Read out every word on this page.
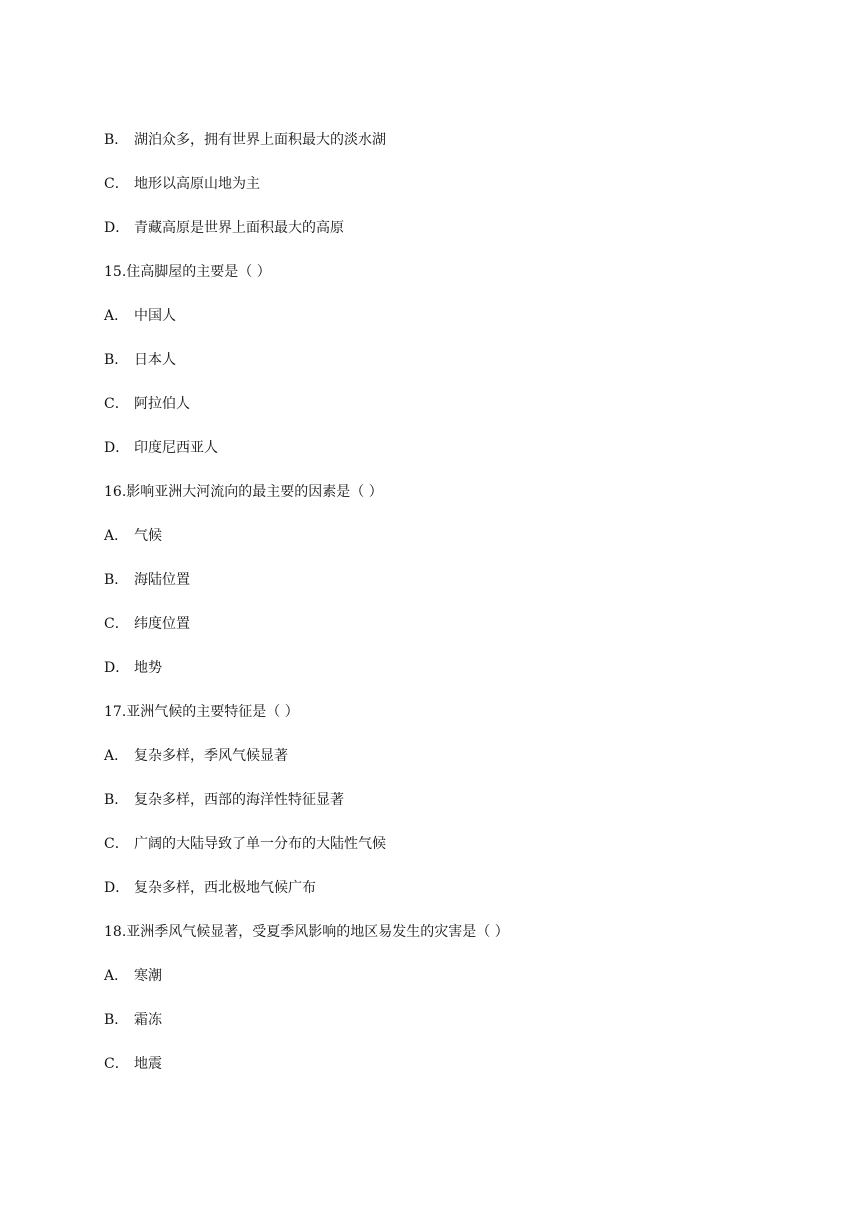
B． 湖泊众多，拥有世界上面积最大的淡水湖
C． 地形以高原山地为主
D． 青藏高原是世界上面积最大的高原
15.住高脚屋的主要是（ ）
A． 中国人
B． 日本人
C． 阿拉伯人
D． 印度尼西亚人
16.影响亚洲大河流向的最主要的因素是（ ）
A． 气候
B． 海陆位置
C． 纬度位置
D． 地势
17.亚洲气候的主要特征是（ ）
A． 复杂多样，季风气候显著
B． 复杂多样，西部的海洋性特征显著
C． 广阔的大陆导致了单一分布的大陆性气候
D． 复杂多样，西北极地气候广布
18.亚洲季风气候显著，受夏季风影响的地区易发生的灾害是（ ）
A． 寒潮
B． 霜冻
C． 地震
